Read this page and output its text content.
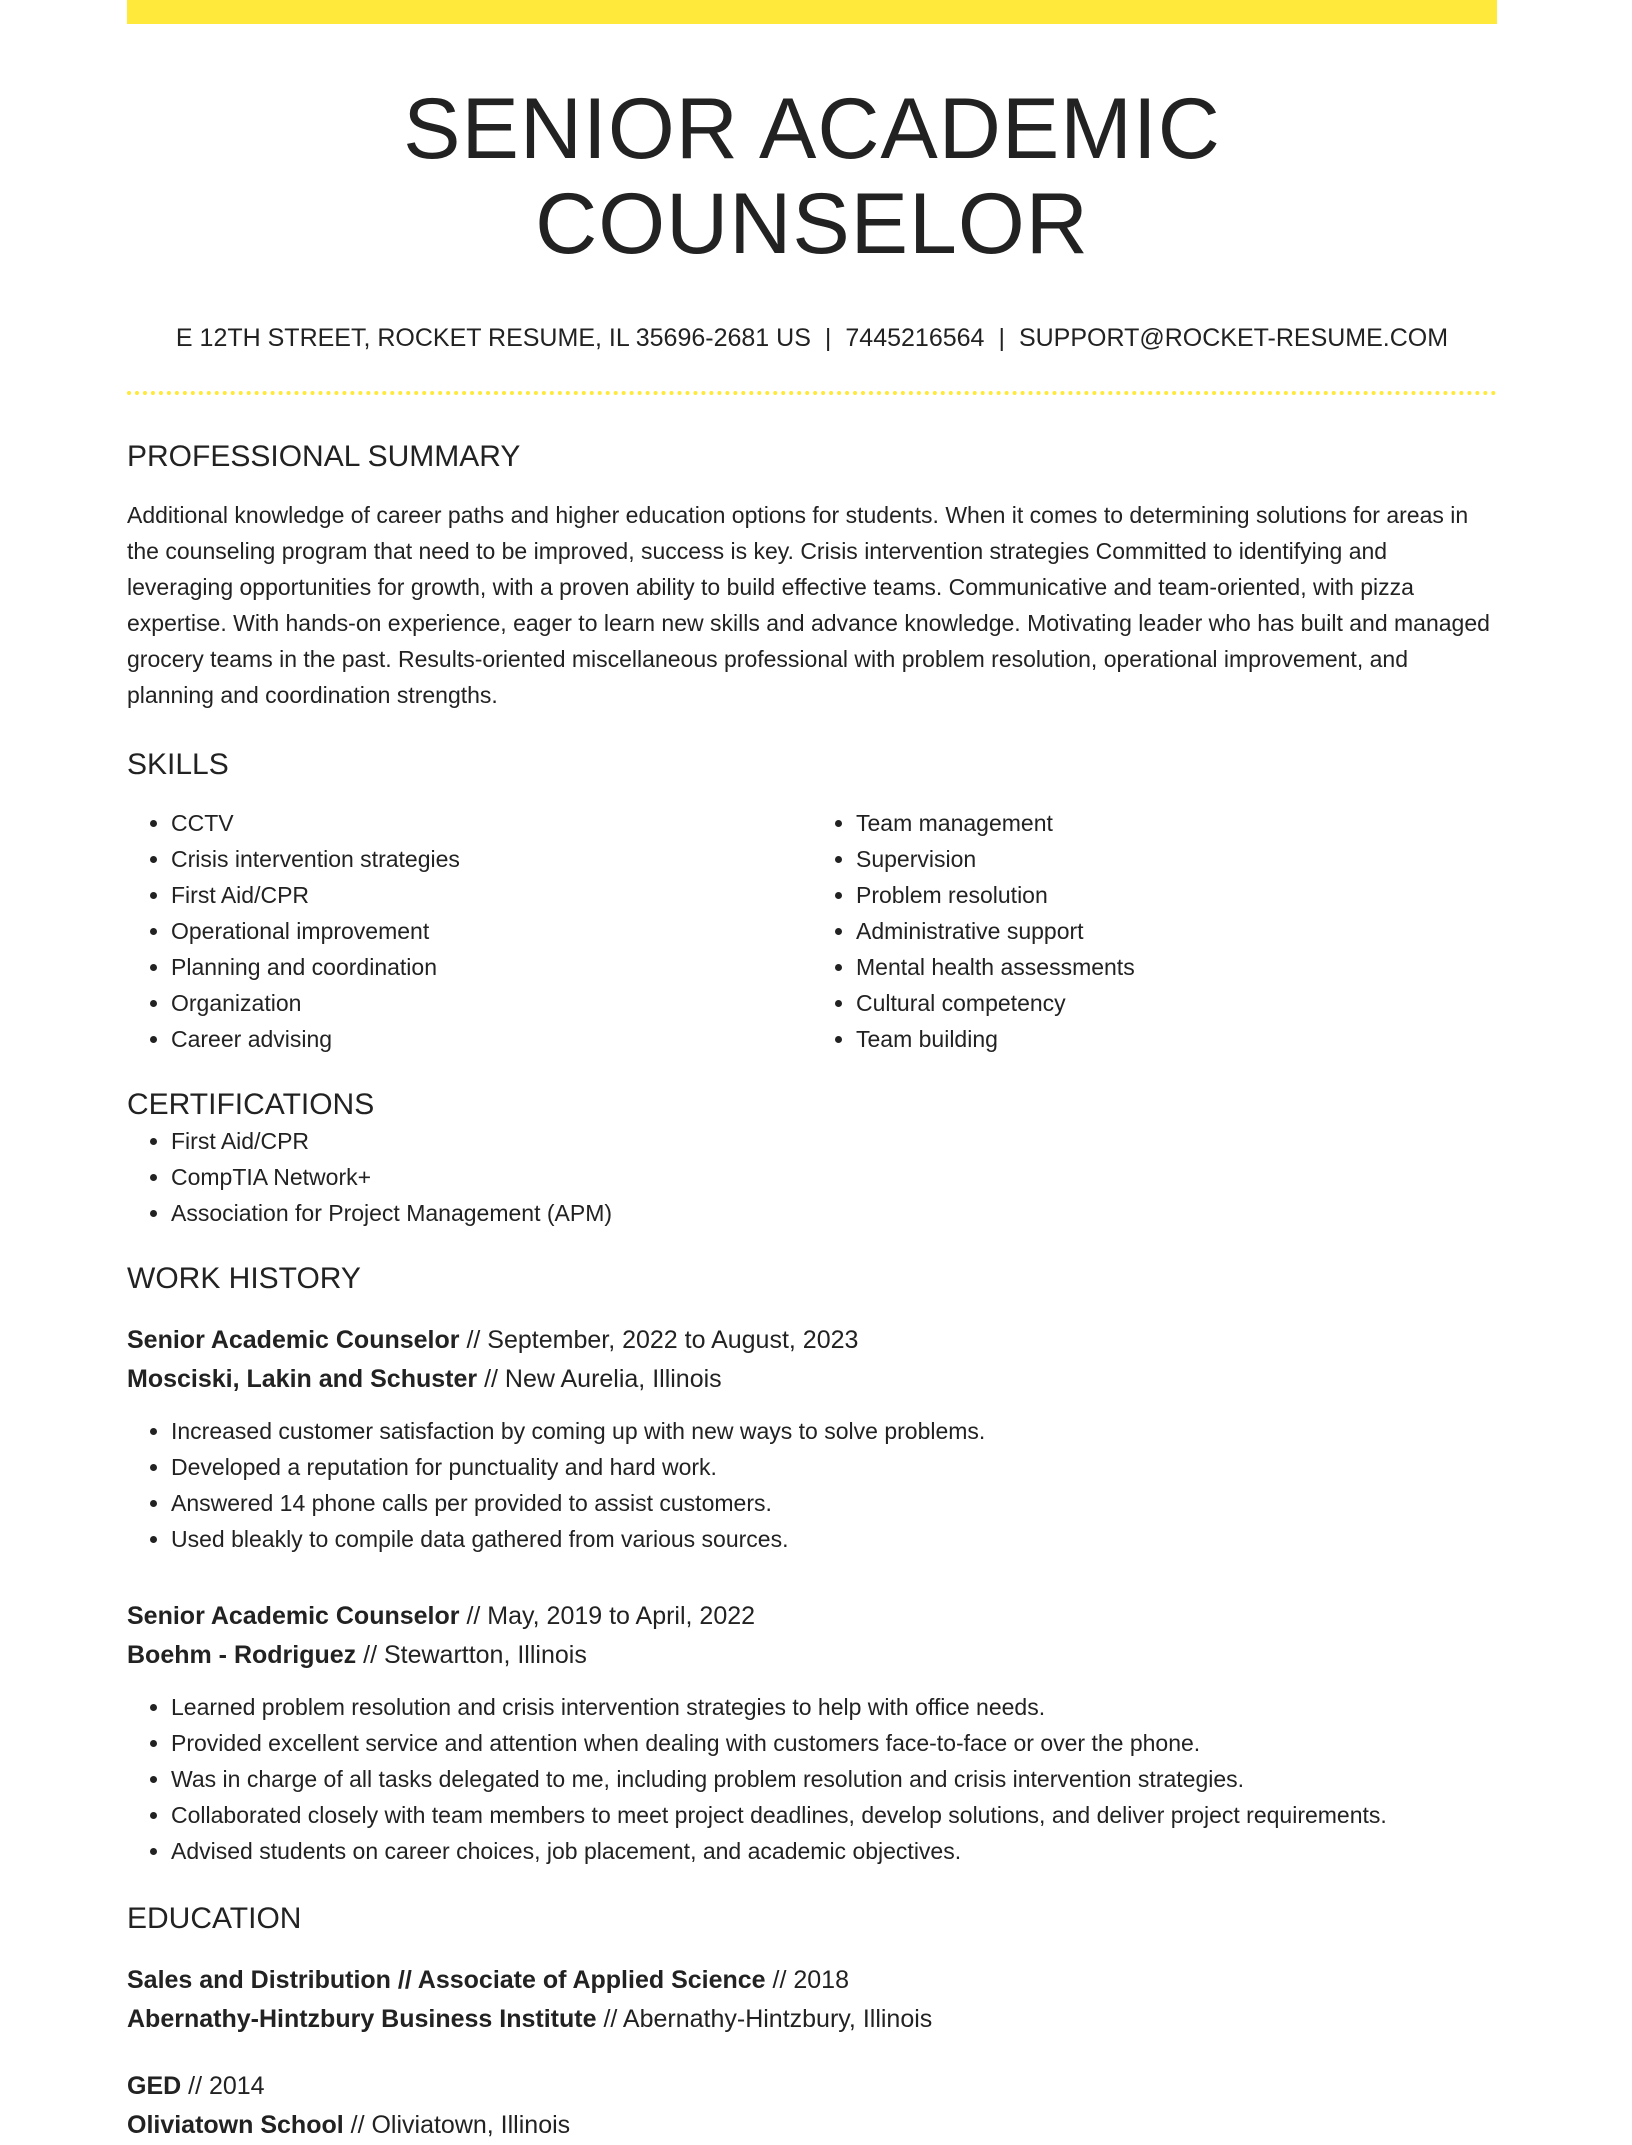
SENIOR ACADEMIC COUNSELOR
E 12TH STREET, ROCKET RESUME, IL 35696-2681 US | 7445216564 | SUPPORT@ROCKET-RESUME.COM
PROFESSIONAL SUMMARY
Additional knowledge of career paths and higher education options for students. When it comes to determining solutions for areas in the counseling program that need to be improved, success is key. Crisis intervention strategies Committed to identifying and leveraging opportunities for growth, with a proven ability to build effective teams. Communicative and team-oriented, with pizza expertise. With hands-on experience, eager to learn new skills and advance knowledge. Motivating leader who has built and managed grocery teams in the past. Results-oriented miscellaneous professional with problem resolution, operational improvement, and planning and coordination strengths.
SKILLS
• CCTV
• Crisis intervention strategies
• First Aid/CPR
• Operational improvement
• Planning and coordination
• Organization
• Career advising
• Team management
• Supervision
• Problem resolution
• Administrative support
• Mental health assessments
• Cultural competency
• Team building
CERTIFICATIONS
• First Aid/CPR
• CompTIA Network+
• Association for Project Management (APM)
WORK HISTORY
Senior Academic Counselor // September, 2022 to August, 2023
Mosciski, Lakin and Schuster // New Aurelia, Illinois
• Increased customer satisfaction by coming up with new ways to solve problems.
• Developed a reputation for punctuality and hard work.
• Answered 14 phone calls per provided to assist customers.
• Used bleakly to compile data gathered from various sources.
Senior Academic Counselor // May, 2019 to April, 2022
Boehm - Rodriguez // Stewartton, Illinois
• Learned problem resolution and crisis intervention strategies to help with office needs.
• Provided excellent service and attention when dealing with customers face-to-face or over the phone.
• Was in charge of all tasks delegated to me, including problem resolution and crisis intervention strategies.
• Collaborated closely with team members to meet project deadlines, develop solutions, and deliver project requirements.
• Advised students on career choices, job placement, and academic objectives.
EDUCATION
Sales and Distribution // Associate of Applied Science // 2018
Abernathy-Hintzbury Business Institute // Abernathy-Hintzbury, Illinois
GED // 2014
Oliviatown School // Oliviatown, Illinois
